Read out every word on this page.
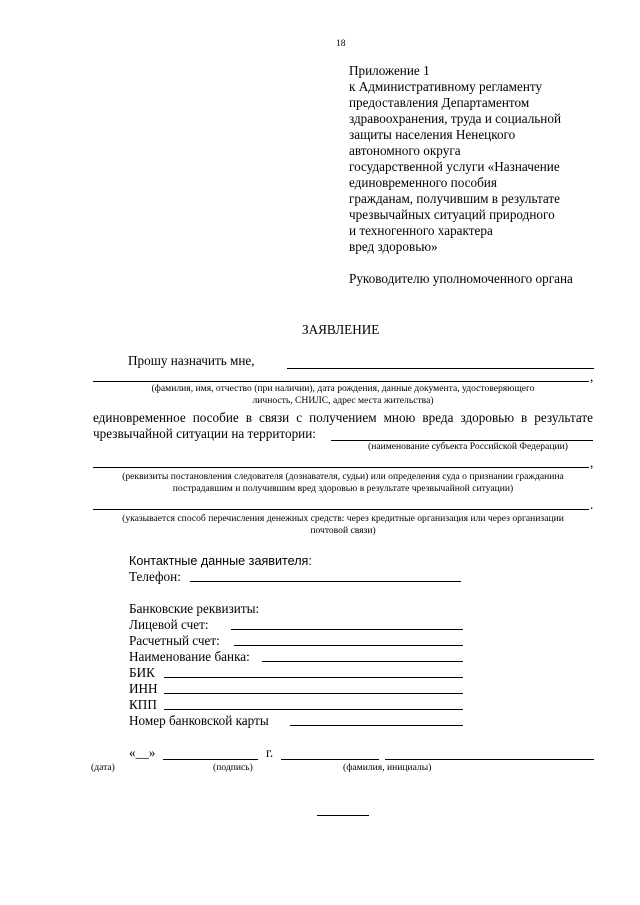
18
Приложение 1
к Административному регламенту
предоставления Департаментом
здравоохранения, труда и социальной
защиты населения Ненецкого
автономного округа
государственной услуги «Назначение
единовременного пособия
гражданам, получившим в результате
чрезвычайных ситуаций природного
и техногенного характера
вред здоровью»
Руководителю уполномоченного органа
ЗАЯВЛЕНИЕ
Прошу назначить мне,
,
(фамилия, имя, отчество (при наличии), дата рождения, данные документа, удостоверяющего
личность, СНИЛС, адрес места жительства)
единовременное пособие в связи с получением мною вреда здоровью в результате
чрезвычайной ситуации на территории:
(наименование субъекта Российской Федерации)
,
(реквизиты постановления следователя (дознавателя, судьи) или определения суда о признании гражданина
пострадавшим и получившим вред здоровью в результате чрезвычайной ситуации)
.
(указывается способ перечисления денежных средств: через кредитные организация или через организации
почтовой связи)
Контактные данные заявителя:
Телефон:
Банковские реквизиты:
Лицевой счет:
Расчетный счет:
Наименование банка:
БИК
ИНН
КПП
Номер банковской карты
«__»	г.
(дата)	(подпись)	(фамилия, инициалы)
